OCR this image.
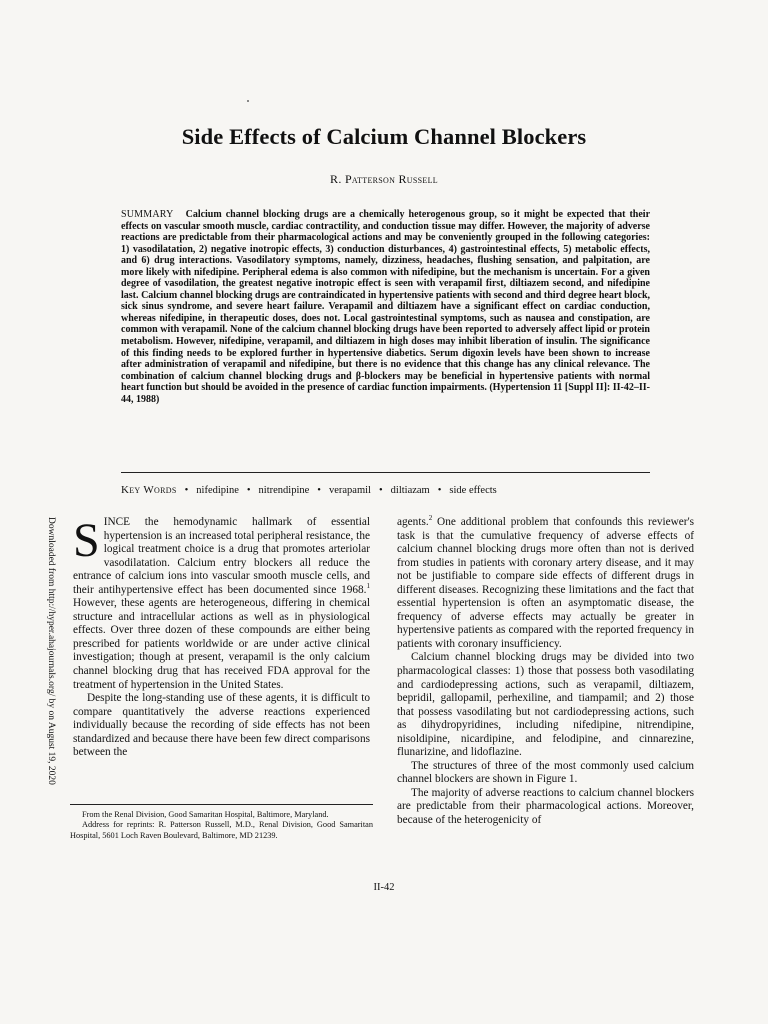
Downloaded from http://hyper.ahajournals.org/ by on August 19, 2020
Side Effects of Calcium Channel Blockers
R. Patterson Russell
SUMMARY Calcium channel blocking drugs are a chemically heterogenous group, so it might be expected that their effects on vascular smooth muscle, cardiac contractility, and conduction tissue may differ. However, the majority of adverse reactions are predictable from their pharmacological actions and may be conveniently grouped in the following categories: 1) vasodilatation, 2) negative inotropic effects, 3) conduction disturbances, 4) gastrointestinal effects, 5) metabolic effects, and 6) drug interactions. Vasodilatory symptoms, namely, dizziness, headaches, flushing sensation, and palpitation, are more likely with nifedipine. Peripheral edema is also common with nifedipine, but the mechanism is uncertain. For a given degree of vasodilation, the greatest negative inotropic effect is seen with verapamil first, diltiazem second, and nifedipine last. Calcium channel blocking drugs are contraindicated in hypertensive patients with second and third degree heart block, sick sinus syndrome, and severe heart failure. Verapamil and diltiazem have a significant effect on cardiac conduction, whereas nifedipine, in therapeutic doses, does not. Local gastrointestinal symptoms, such as nausea and constipation, are common with verapamil. None of the calcium channel blocking drugs have been reported to adversely affect lipid or protein metabolism. However, nifedipine, verapamil, and diltiazem in high doses may inhibit liberation of insulin. The significance of this finding needs to be explored further in hypertensive diabetics. Serum digoxin levels have been shown to increase after administration of verapamil and nifedipine, but there is no evidence that this change has any clinical relevance. The combination of calcium channel blocking drugs and β-blockers may be beneficial in hypertensive patients with normal heart function but should be avoided in the presence of cardiac function impairments. (Hypertension 11 [Suppl II]: II-42–II-44, 1988)
Key Words • nifedipine • nitrendipine • verapamil • diltiazam • side effects

SINCE the hemodynamic hallmark of essential hypertension is an increased total peripheral resistance, the logical treatment choice is a drug that promotes arteriolar vasodilatation. Calcium entry blockers all reduce the entrance of calcium ions into vascular smooth muscle cells, and their antihypertensive effect has been documented since 1968.$^1$ However, these agents are heterogeneous, differing in chemical structure and intracellular actions as well as in physiological effects. Over three dozen of these compounds are either being prescribed for patients worldwide or are under active clinical investigation; though at present, verapamil is the only calcium channel blocking drug that has received FDA approval for the treatment of hypertension in the United States.

Despite the long-standing use of these agents, it is difficult to compare quantitatively the adverse reactions experienced individually because the recording of side effects has not been standardized and because there have been few direct comparisons between the

agents.$^2$ One additional problem that confounds this reviewer's task is that the cumulative frequency of adverse effects of calcium channel blocking drugs more often than not is derived from studies in patients with coronary artery disease, and it may not be justifiable to compare side effects of different drugs in different diseases. Recognizing these limitations and the fact that essential hypertension is often an asymptomatic disease, the frequency of adverse effects may actually be greater in hypertensive patients as compared with the reported frequency in patients with coronary insufficiency.

Calcium channel blocking drugs may be divided into two pharmacological classes: 1) those that possess both vasodilating and cardiodepressing actions, such as verapamil, diltiazem, bepridil, gallopamil, perhexiline, and tiampamil; and 2) those that possess vasodilating but not cardiodepressing actions, such as dihydropyridines, including nifedipine, nitrendipine, nisoldipine, nicardipine, and felodipine, and cinnarezine, flunarizine, and lidoflazine.

The structures of three of the most commonly used calcium channel blockers are shown in Figure 1.

The majority of adverse reactions to calcium channel blockers are predictable from their pharmacological actions. Moreover, because of the heterogenicity of

From the Renal Division, Good Samaritan Hospital, Baltimore, Maryland.

Address for reprints: R. Patterson Russell, M.D., Renal Division, Good Samaritan Hospital, 5601 Loch Raven Boulevard, Baltimore, MD 21239.

II-42
